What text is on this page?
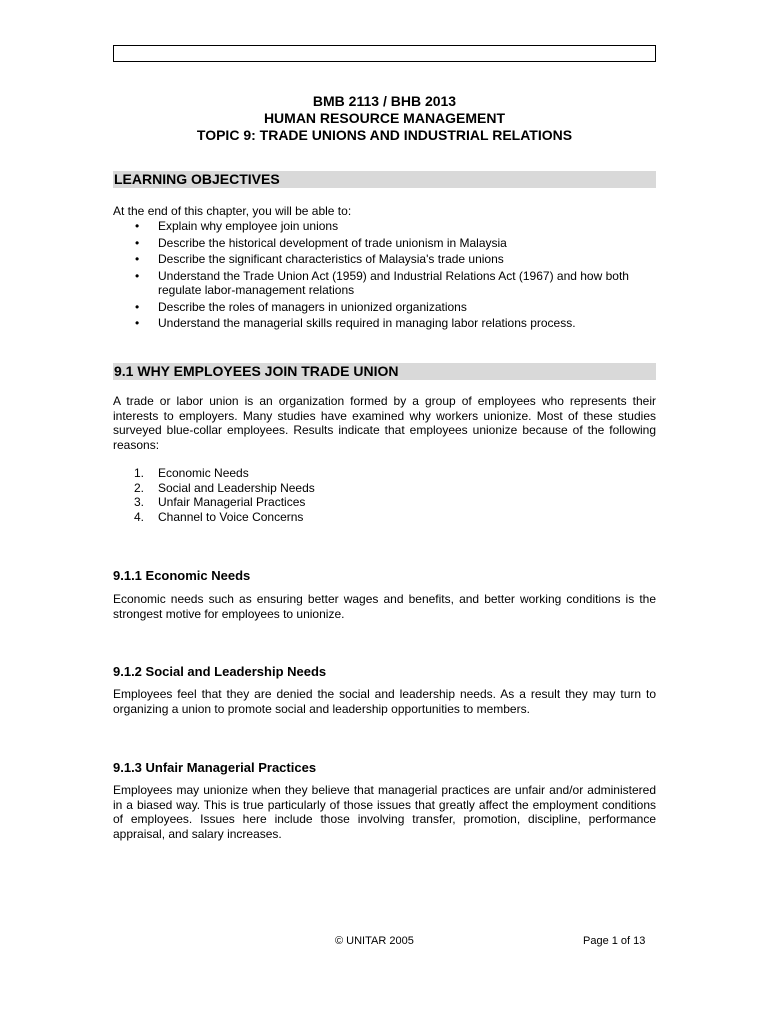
BMB 2113 / BHB 2013
HUMAN RESOURCE MANAGEMENT
TOPIC 9: TRADE UNIONS AND INDUSTRIAL RELATIONS
LEARNING OBJECTIVES

At the end of this chapter, you will be able to:

• Explain why employee join unions
• Describe the historical development of trade unionism in Malaysia
• Describe the significant characteristics of Malaysia's trade unions
• Understand the Trade Union Act (1959) and Industrial Relations Act (1967) and how both regulate labor-management relations
• Describe the roles of managers in unionized organizations
• Understand the managerial skills required in managing labor relations process.
9.1 WHY EMPLOYEES JOIN TRADE UNION

A trade or labor union is an organization formed by a group of employees who represents their interests to employers. Many studies have examined why workers unionize. Most of these studies surveyed blue-collar employees. Results indicate that employees unionize because of the following reasons:

1. Economic Needs
2. Social and Leadership Needs
3. Unfair Managerial Practices
4. Channel to Voice Concerns
9.1.1 Economic Needs

Economic needs such as ensuring better wages and benefits, and better working conditions is the strongest motive for employees to unionize.

9.1.2 Social and Leadership Needs

Employees feel that they are denied the social and leadership needs. As a result they may turn to organizing a union to promote social and leadership opportunities to members.

9.1.3 Unfair Managerial Practices

Employees may unionize when they believe that managerial practices are unfair and/or administered in a biased way. This is true particularly of those issues that greatly affect the employment conditions of employees. Issues here include those involving transfer, promotion, discipline, performance appraisal, and salary increases.

© UNITAR 2005	Page 1 of 13
